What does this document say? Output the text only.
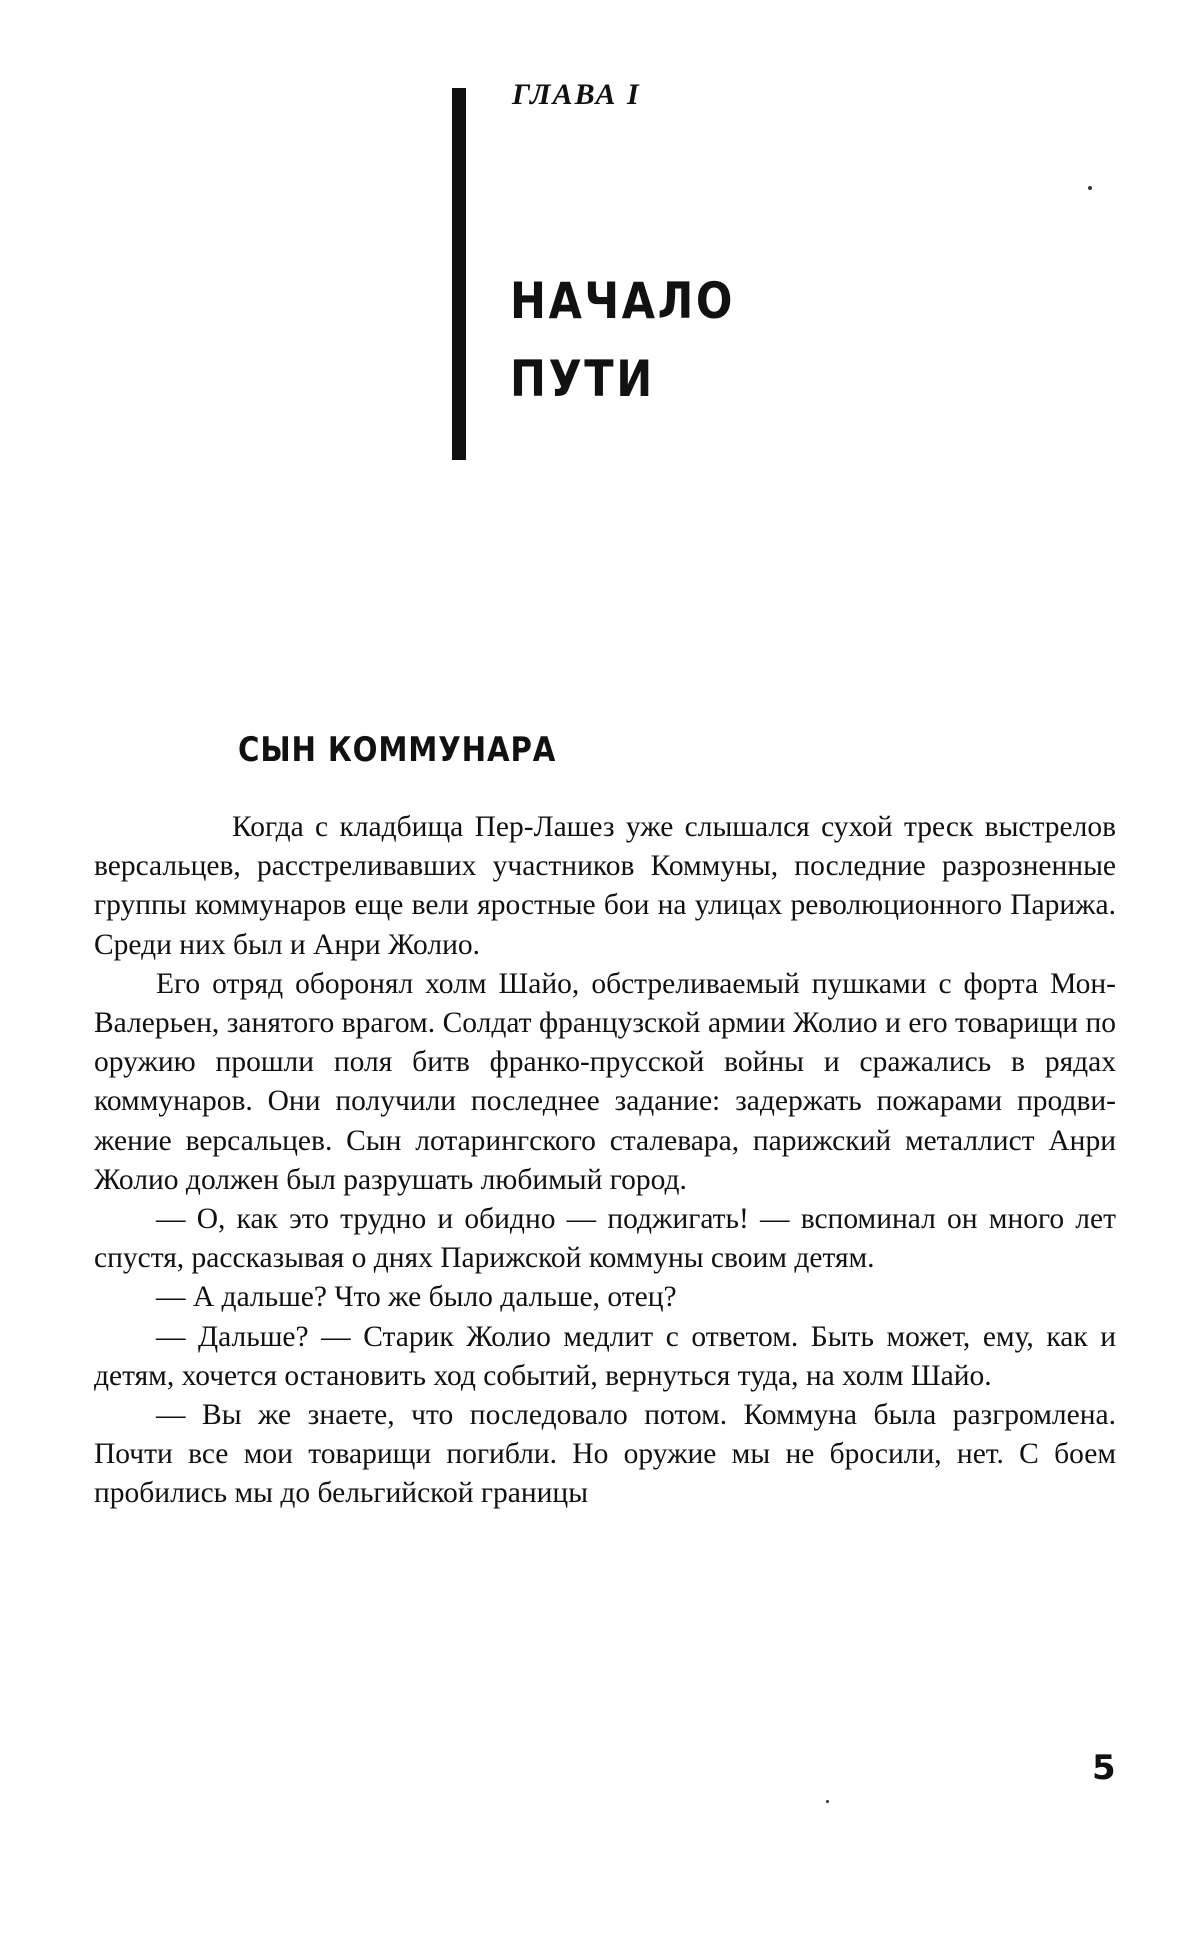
ГЛАВА I
НАЧАЛО
ПУТИ
СЫН КОММУНАРА

Когда с кладбища Пер-Лашез уже слышался сухой треск выстрелов версальцев, расстреливавших участников Коммуны, последние разрозненные группы коммунаров еще вели яростные бои на улицах революционного Парижа. Среди них был и Анри Жолио.

Его отряд оборонял холм Шайо, обстреливаемый пушками с форта Мон-Валерьен, занятого врагом. Солдат французской армии Жолио и его товарищи по оружию прошли поля битв франко-прусской войны и сражались в рядах коммунаров. Они получили последнее задание: задержать пожарами продвижение версальцев. Сын лотарингского сталевара, парижский металлист Анри Жолио должен был разрушать любимый город.

— О, как это трудно и обидно — поджигать! — вспоминал он много лет спустя, рассказывая о днях Парижской коммуны своим детям.

— А дальше? Что же было дальше, отец?

— Дальше? — Старик Жолио медлит с ответом. Быть может, ему, как и детям, хочется остановить ход событий, вернуться туда, на холм Шайо.

— Вы же знаете, что последовало потом. Коммуна была разгромлена. Почти все мои товарищи погибли. Но оружие мы не бросили, нет. С боем пробились мы до бельгийской границы

5
